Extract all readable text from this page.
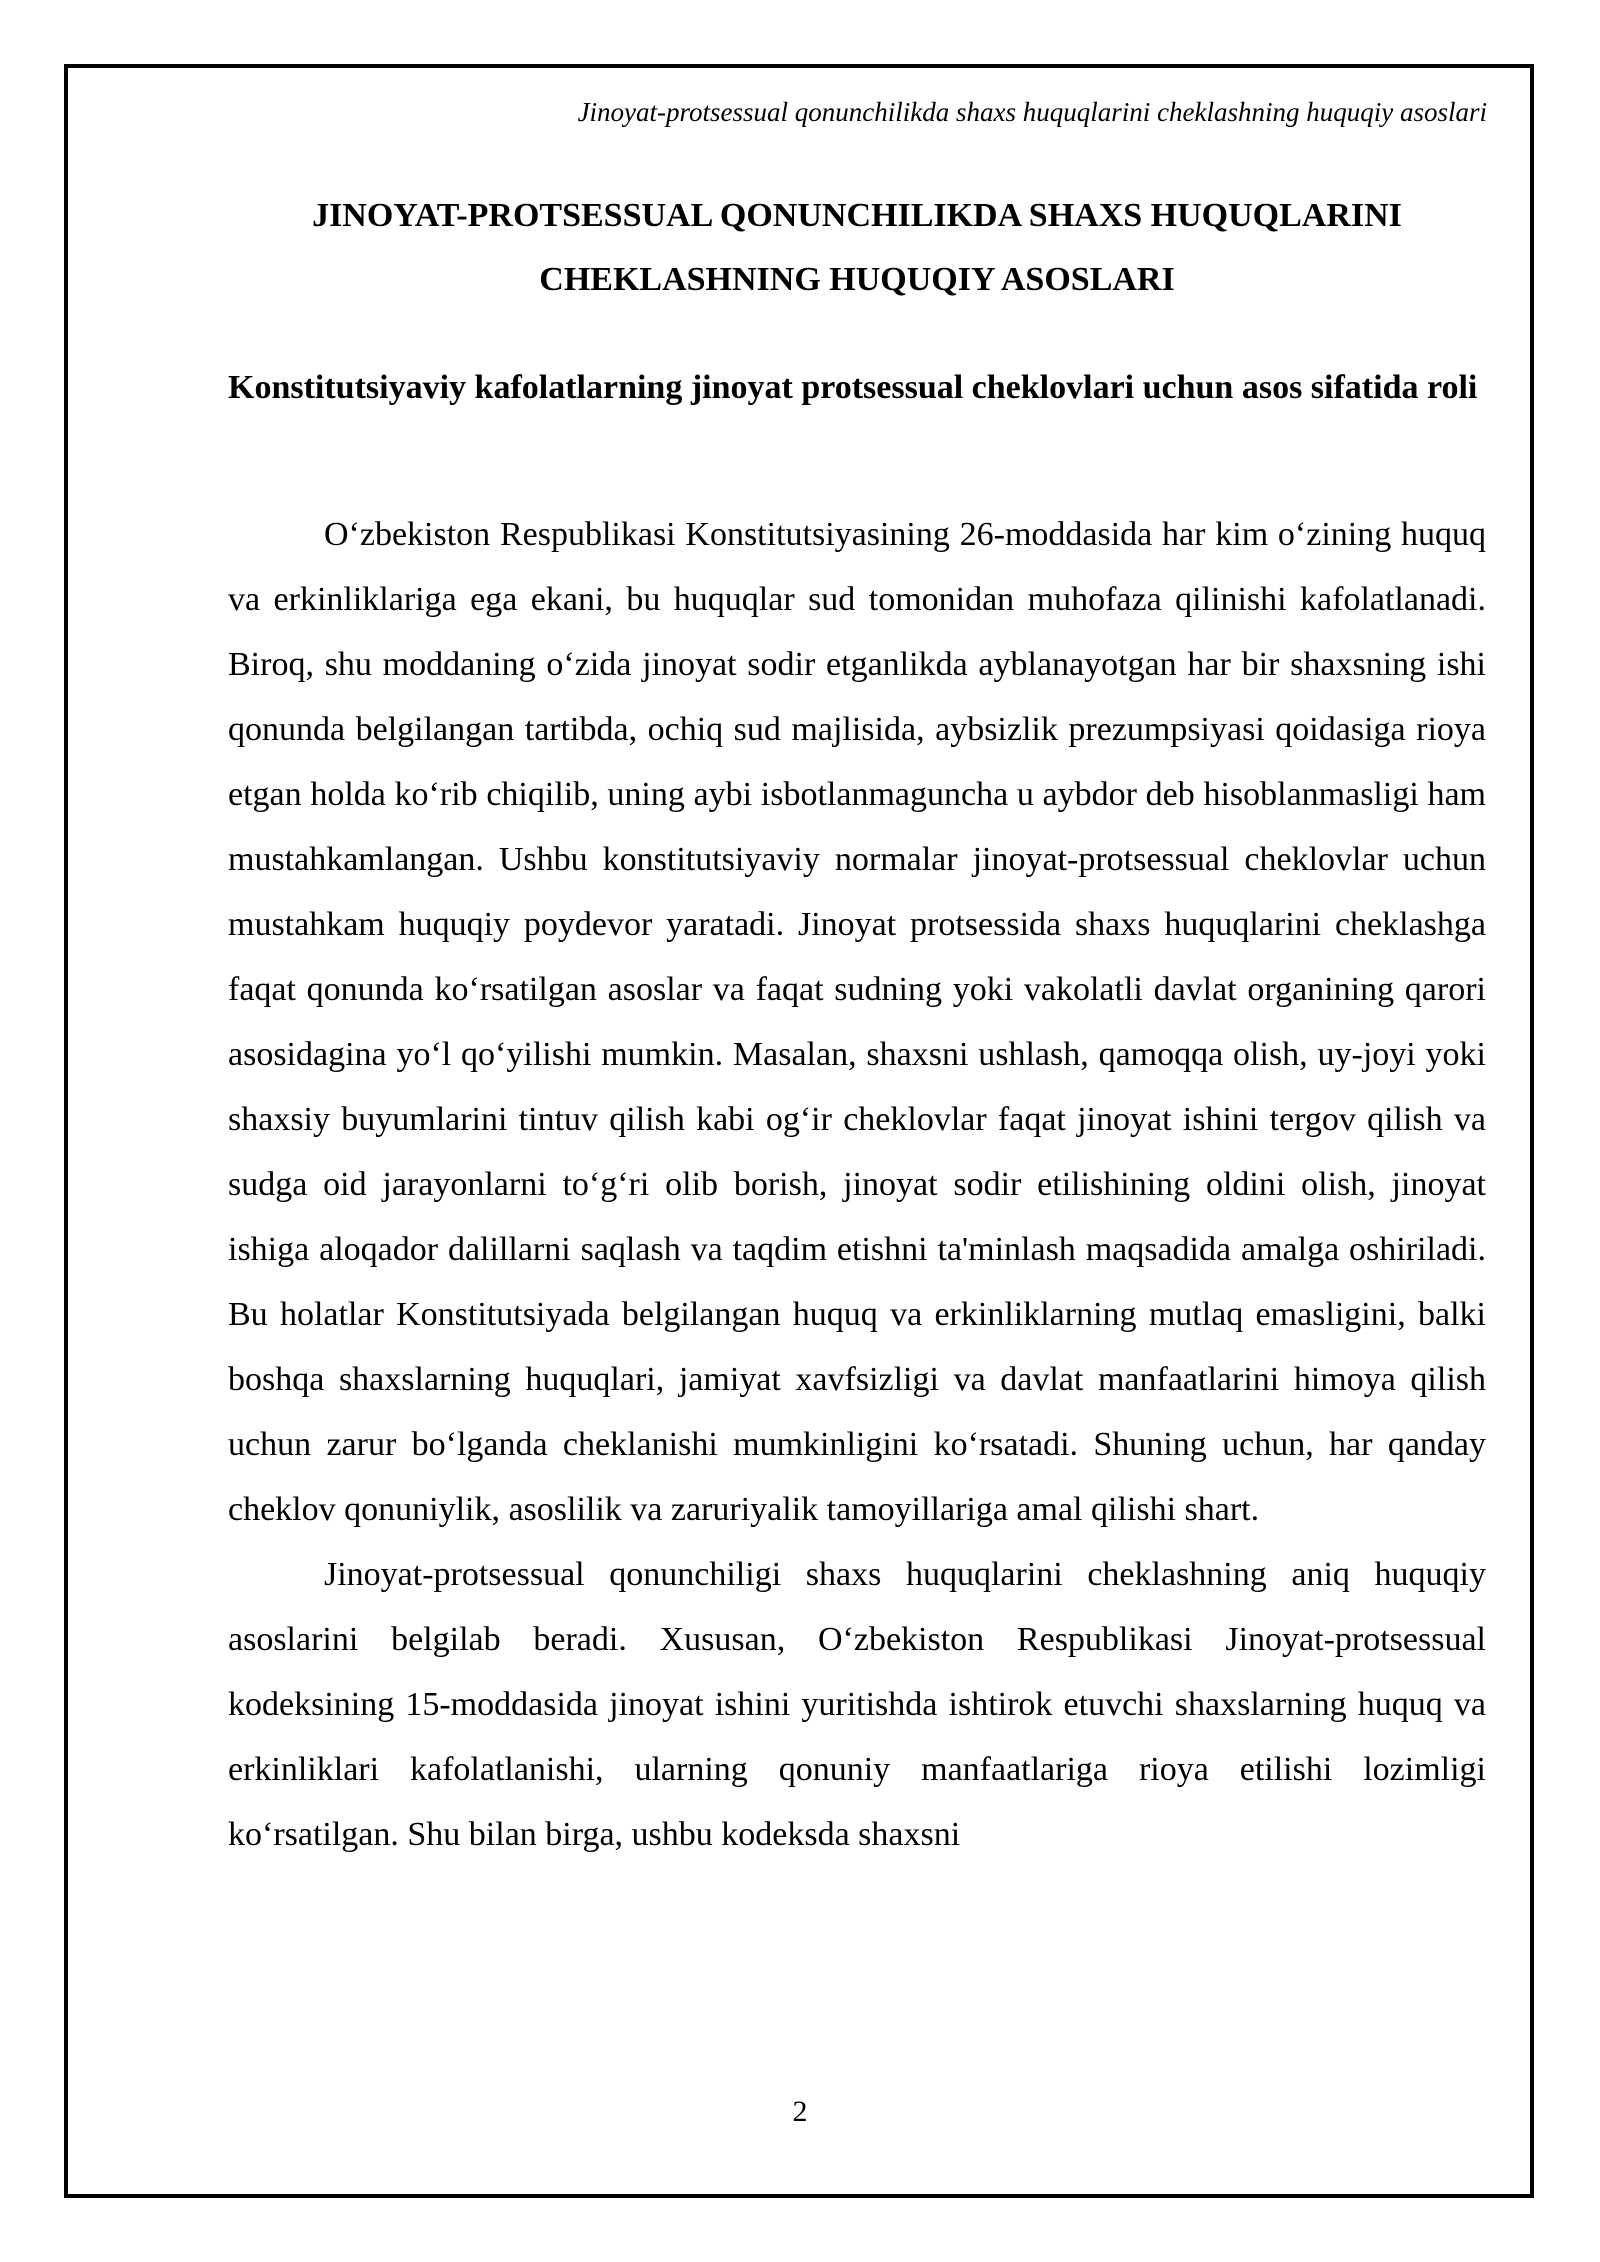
Jinoyat-protsessual qonunchilikda shaxs huquqlarini cheklashning huquqiy asoslari
JINOYAT-PROTSESSUAL QONUNCHILIKDA SHAXS HUQUQLARINI CHEKLASHNING HUQUQIY ASOSLARI
Konstitutsiyaviy kafolatlarning jinoyat protsessual cheklovlari uchun asos sifatida roli

O‘zbekiston Respublikasi Konstitutsiyasining 26-moddasida har kim o‘zining huquq va erkinliklariga ega ekani, bu huquqlar sud tomonidan muhofaza qilinishi kafolatlanadi. Biroq, shu moddaning o‘zida jinoyat sodir etganlikda ayblanayotgan har bir shaxsning ishi qonunda belgilangan tartibda, ochiq sud majlisida, aybsizlik prezumpsiyasi qoidasiga rioya etgan holda ko‘rib chiqilib, uning aybi isbotlanmaguncha u aybdor deb hisoblanmasligi ham mustahkamlangan. Ushbu konstitutsiyaviy normalar jinoyat-protsessual cheklovlar uchun mustahkam huquqiy poydevor yaratadi. Jinoyat protsessida shaxs huquqlarini cheklashga faqat qonunda ko‘rsatilgan asoslar va faqat sudning yoki vakolatli davlat organining qarori asosidagina yo‘l qo‘yilishi mumkin. Masalan, shaxsni ushlash, qamoqqa olish, uy-joyi yoki shaxsiy buyumlarini tintuv qilish kabi og‘ir cheklovlar faqat jinoyat ishini tergov qilish va sudga oid jarayonlarni to‘g‘ri olib borish, jinoyat sodir etilishining oldini olish, jinoyat ishiga aloqador dalillarni saqlash va taqdim etishni ta'minlash maqsadida amalga oshiriladi. Bu holatlar Konstitutsiyada belgilangan huquq va erkinliklarning mutlaq emasligini, balki boshqa shaxslarning huquqlari, jamiyat xavfsizligi va davlat manfaatlarini himoya qilish uchun zarur bo‘lganda cheklanishi mumkinligini ko‘rsatadi. Shuning uchun, har qanday cheklov qonuniylik, asoslilik va zaruriyalik tamoyillariga amal qilishi shart.

Jinoyat-protsessual qonunchiligi shaxs huquqlarini cheklashning aniq huquqiy asoslarini belgilab beradi. Xususan, O‘zbekiston Respublikasi Jinoyat-protsessual kodeksining 15-moddasida jinoyat ishini yuritishda ishtirok etuvchi shaxslarning huquq va erkinliklari kafolatlanishi, ularning qonuniy manfaatlariga rioya etilishi lozimligi ko‘rsatilgan. Shu bilan birga, ushbu kodeksda shaxsni

2
